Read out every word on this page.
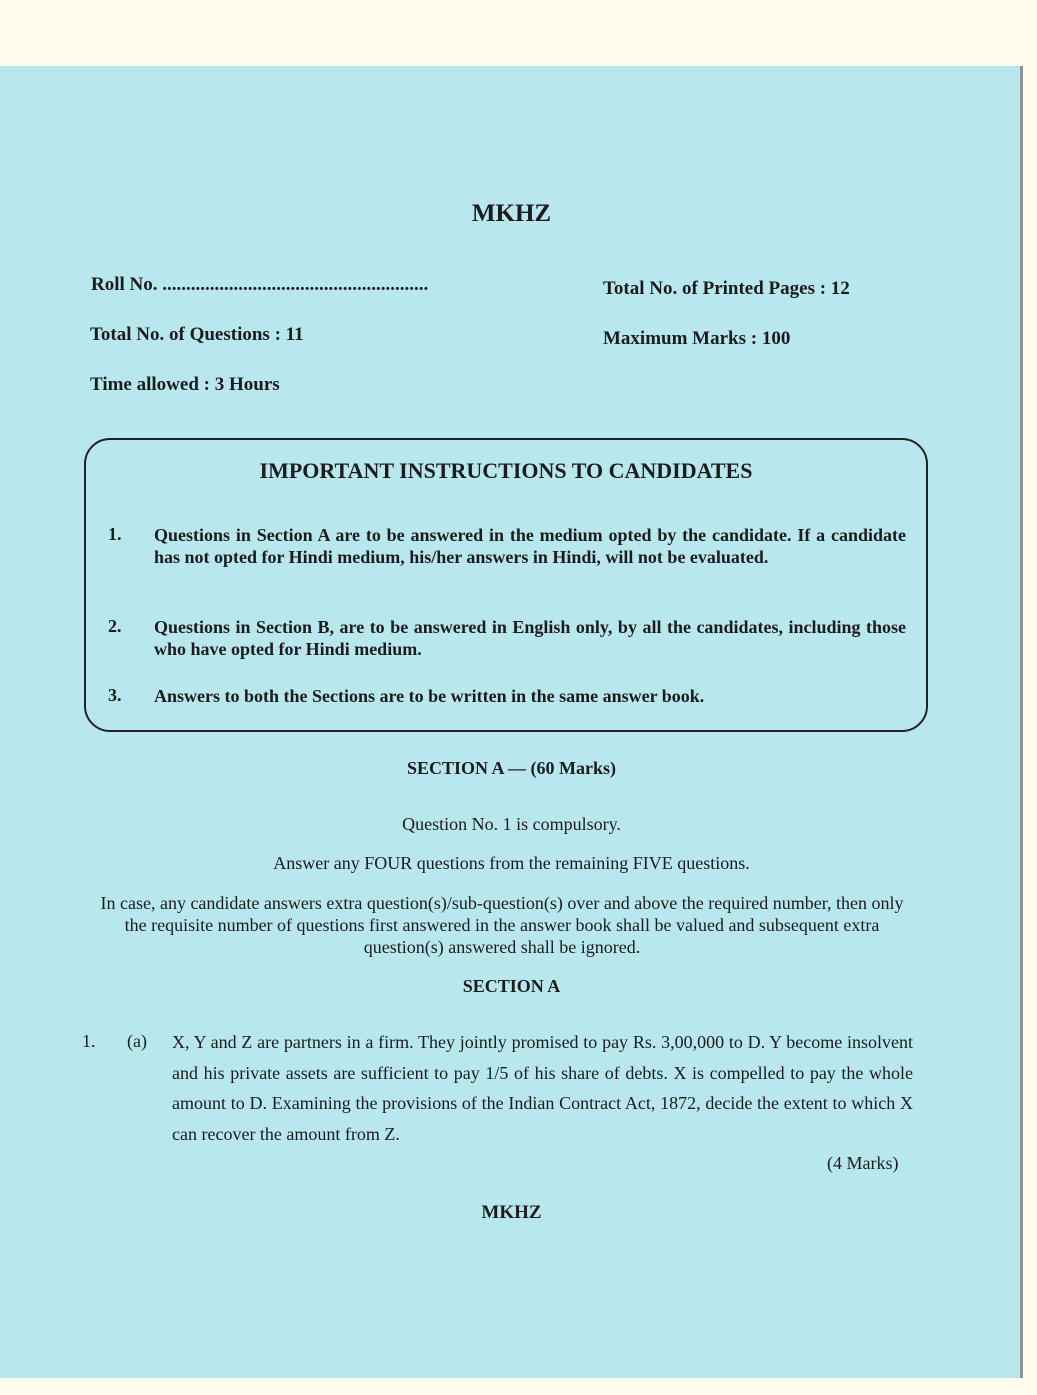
MKHZ
Roll No. ........................................................	Total No. of Printed Pages : 12
Total No. of Questions : 11	Maximum Marks : 100
Time allowed : 3 Hours
IMPORTANT INSTRUCTIONS TO CANDIDATES
1. Questions in Section A are to be answered in the medium opted by the candidate. If a candidate has not opted for Hindi medium, his/her answers in Hindi, will not be evaluated.
2. Questions in Section B, are to be answered in English only, by all the candidates, including those who have opted for Hindi medium.
3. Answers to both the Sections are to be written in the same answer book.
SECTION A — (60 Marks)
Question No. 1 is compulsory.
Answer any FOUR questions from the remaining FIVE questions.
In case, any candidate answers extra question(s)/sub-question(s) over and above the required number, then only the requisite number of questions first answered in the answer book shall be valued and subsequent extra question(s) answered shall be ignored.
SECTION A
1. (a) X, Y and Z are partners in a firm. They jointly promised to pay Rs. 3,00,000 to D. Y become insolvent and his private assets are sufficient to pay 1/5 of his share of debts. X is compelled to pay the whole amount to D. Examining the provisions of the Indian Contract Act, 1872, decide the extent to which X can recover the amount from Z.
(4 Marks)
MKHZ
